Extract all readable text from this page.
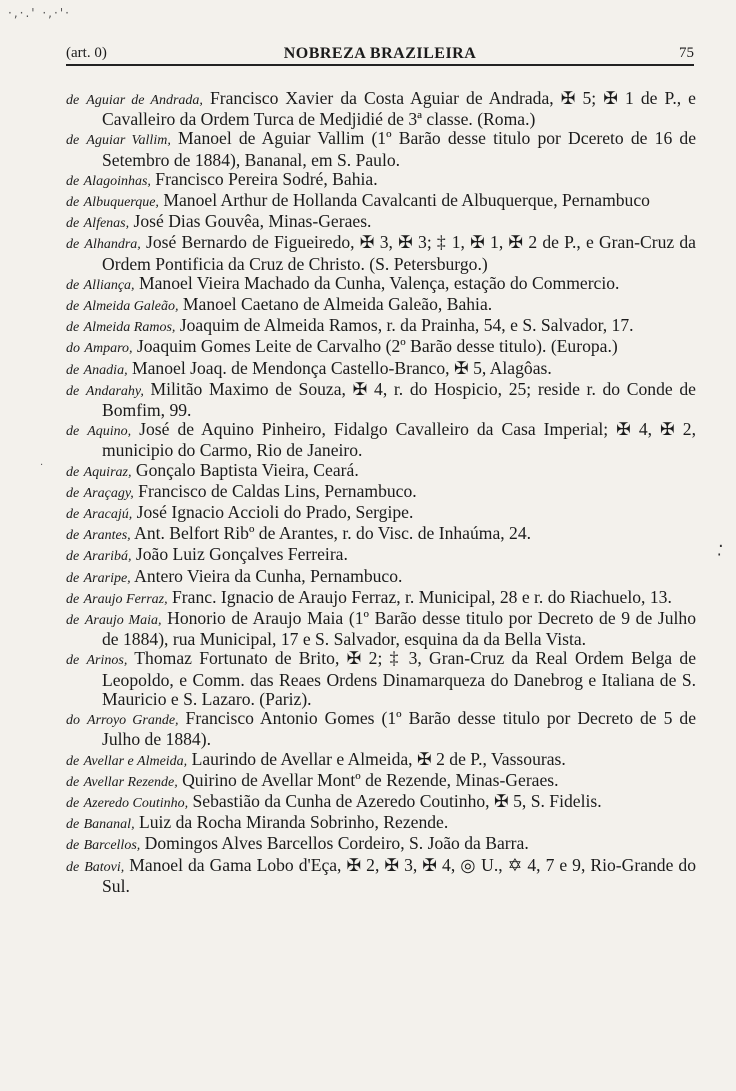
·,·.' ·,·'·
·̣
·
(art. 0)	NOBREZA BRAZILEIRA	75

de Aguiar de Andrada, Francisco Xavier da Costa Aguiar de Andrada, ✠ 5; ✠ 1 de P., e Cavalleiro da Ordem Turca de Medjidié de 3ª classe. (Roma.)

de Aguiar Vallim, Manoel de Aguiar Vallim (1º Barão desse titulo por Dcereto de 16 de Setembro de 1884), Bananal, em S. Paulo.

de Alagoinhas, Francisco Pereira Sodré, Bahia.

de Albuquerque, Manoel Arthur de Hollanda Cavalcanti de Albuquerque, Pernambuco

de Alfenas, José Dias Gouvêa, Minas-Geraes.

de Alhandra, José Bernardo de Figueiredo, ✠ 3, ✠ 3; ‡ 1, ✠ 1, ✠ 2 de P., e Gran-Cruz da Ordem Pontificia da Cruz de Christo. (S. Petersburgo.)

de Alliança, Manoel Vieira Machado da Cunha, Valença, estação do Commercio.

de Almeida Galeão, Manoel Caetano de Almeida Galeão, Bahia.

de Almeida Ramos, Joaquim de Almeida Ramos, r. da Prainha, 54, e S. Salvador, 17.

do Amparo, Joaquim Gomes Leite de Carvalho (2º Barão desse titulo). (Europa.)

de Anadia, Manoel Joaq. de Mendonça Castello-Branco, ✠ 5, Alagôas.

de Andarahy, Militão Maximo de Souza, ✠ 4, r. do Hospicio, 25; reside r. do Conde de Bomfim, 99.

de Aquino, José de Aquino Pinheiro, Fidalgo Cavalleiro da Casa Imperial; ✠ 4, ✠ 2, municipio do Carmo, Rio de Janeiro.

de Aquiraz, Gonçalo Baptista Vieira, Ceará.

de Araçagy, Francisco de Caldas Lins, Pernambuco.

de Aracajú, José Ignacio Accioli do Prado, Sergipe.

de Arantes, Ant. Belfort Ribº de Arantes, r. do Visc. de Inhaúma, 24.

de Araribá, João Luiz Gonçalves Ferreira.

de Araripe, Antero Vieira da Cunha, Pernambuco.

de Araujo Ferraz, Franc. Ignacio de Araujo Ferraz, r. Municipal, 28 e r. do Riachuelo, 13.

de Araujo Maia, Honorio de Araujo Maia (1º Barão desse titulo por Decreto de 9 de Julho de 1884), rua Municipal, 17 e S. Salvador, esquina da da Bella Vista.

de Arinos, Thomaz Fortunato de Brito, ✠ 2; ‡ 3, Gran-Cruz da Real Ordem Belga de Leopoldo, e Comm. das Reaes Ordens Dinamarqueza do Danebrog e Italiana de S. Mauricio e S. Lazaro. (Pariz).

do Arroyo Grande, Francisco Antonio Gomes (1º Barão desse titulo por Decreto de 5 de Julho de 1884).

de Avellar e Almeida, Laurindo de Avellar e Almeida, ✠ 2 de P., Vassouras.

de Avellar Rezende, Quirino de Avellar Montº de Rezende, Minas-Geraes.

de Azeredo Coutinho, Sebastião da Cunha de Azeredo Coutinho, ✠ 5, S. Fidelis.

de Bananal, Luiz da Rocha Miranda Sobrinho, Rezende.

de Barcellos, Domingos Alves Barcellos Cordeiro, S. João da Barra.

de Batovi, Manoel da Gama Lobo d'Eça, ✠ 2, ✠ 3, ✠ 4, ◎ U., ✡ 4, 7 e 9, Rio-Grande do Sul.
